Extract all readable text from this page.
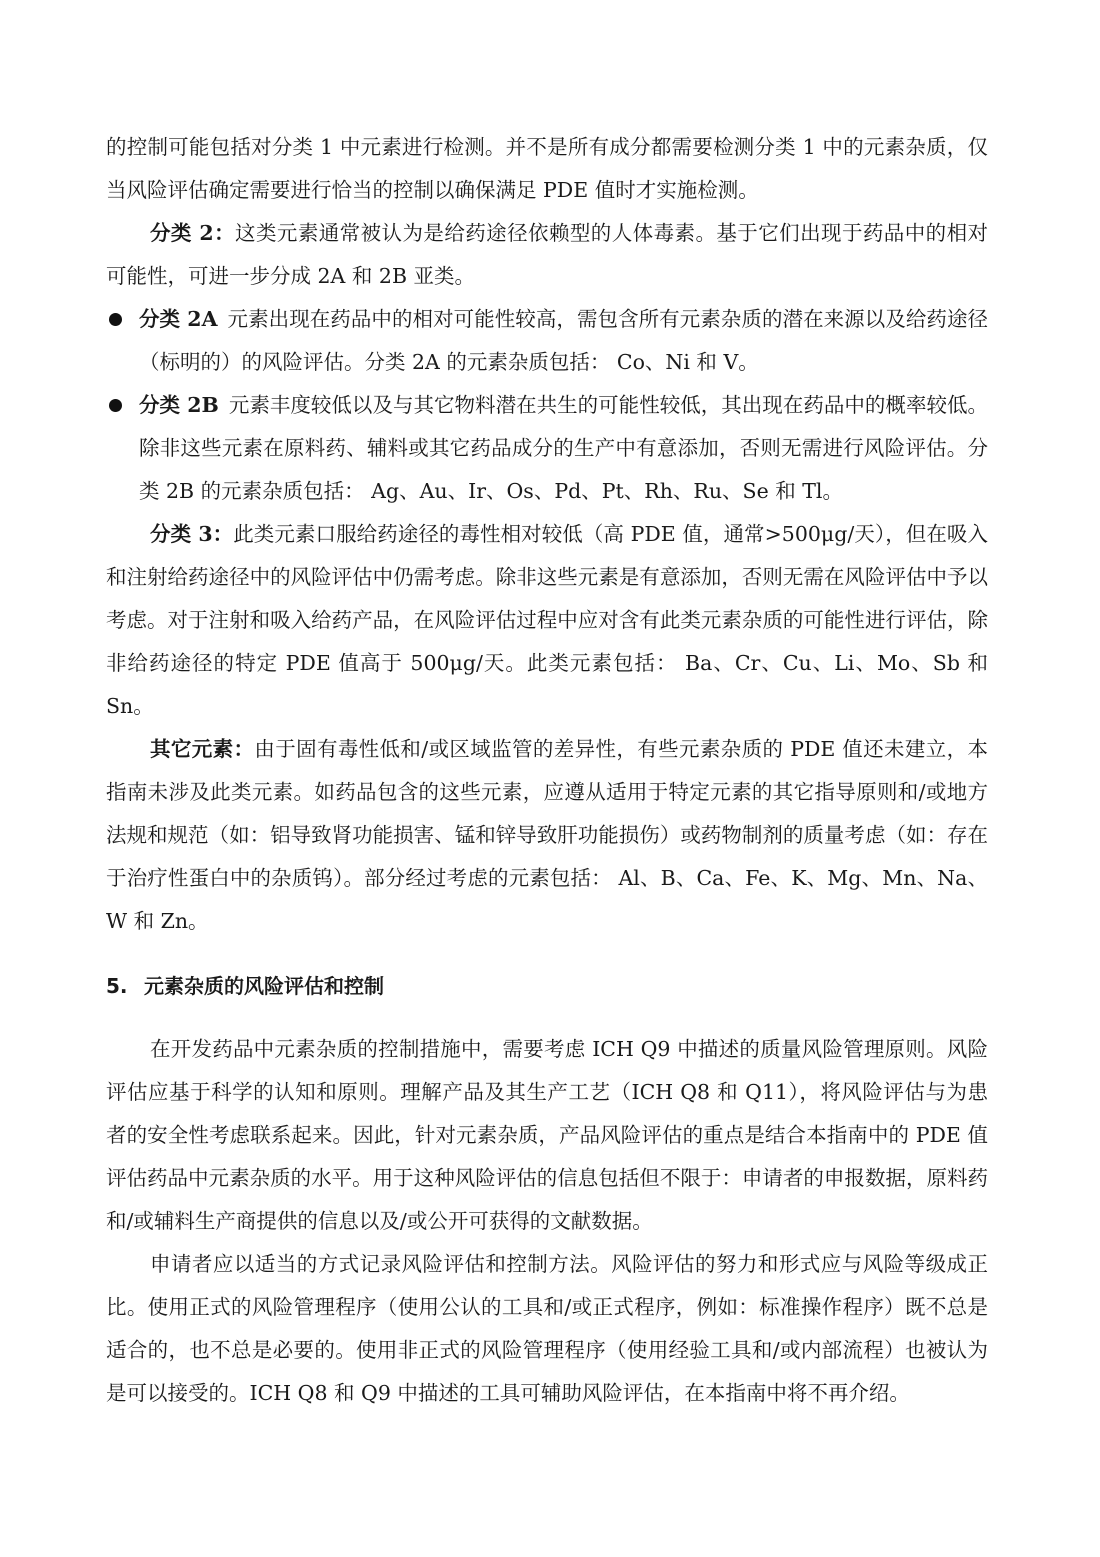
的控制可能包括对分类 1 中元素进行检测。并不是所有成分都需要检测分类 1 中的元素杂质，仅当风险评估确定需要进行恰当的控制以确保满足 PDE 值时才实施检测。

分类 2：这类元素通常被认为是给药途径依赖型的人体毒素。基于它们出现于药品中的相对可能性，可进一步分成 2A 和 2B 亚类。

分类 2A 元素出现在药品中的相对可能性较高，需包含所有元素杂质的潜在来源以及给药途径（标明的）的风险评估。分类 2A 的元素杂质包括： Co、Ni 和 V。
分类 2B 元素丰度较低以及与其它物料潜在共生的可能性较低，其出现在药品中的概率较低。除非这些元素在原料药、辅料或其它药品成分的生产中有意添加，否则无需进行风险评估。分类 2B 的元素杂质包括： Ag、Au、Ir、Os、Pd、Pt、Rh、Ru、Se 和 Tl。

分类 3：此类元素口服给药途径的毒性相对较低（高 PDE 值，通常>500μg/天），但在吸入和注射给药途径中的风险评估中仍需考虑。除非这些元素是有意添加，否则无需在风险评估中予以考虑。对于注射和吸入给药产品，在风险评估过程中应对含有此类元素杂质的可能性进行评估，除非给药途径的特定 PDE 值高于 500μg/天。此类元素包括： Ba、Cr、Cu、Li、Mo、Sb 和 Sn。

其它元素：由于固有毒性低和/或区域监管的差异性，有些元素杂质的 PDE 值还未建立，本指南未涉及此类元素。如药品包含的这些元素，应遵从适用于特定元素的其它指导原则和/或地方法规和规范（如：铝导致肾功能损害、锰和锌导致肝功能损伤）或药物制剂的质量考虑（如：存在于治疗性蛋白中的杂质钨）。部分经过考虑的元素包括： Al、B、Ca、Fe、K、Mg、Mn、Na、W 和 Zn。

5. 元素杂质的风险评估和控制

在开发药品中元素杂质的控制措施中，需要考虑 ICH Q9 中描述的质量风险管理原则。风险评估应基于科学的认知和原则。理解产品及其生产工艺（ICH Q8 和 Q11），将风险评估与为患者的安全性考虑联系起来。因此，针对元素杂质，产品风险评估的重点是结合本指南中的 PDE 值评估药品中元素杂质的水平。用于这种风险评估的信息包括但不限于：申请者的申报数据，原料药和/或辅料生产商提供的信息以及/或公开可获得的文献数据。

申请者应以适当的方式记录风险评估和控制方法。风险评估的努力和形式应与风险等级成正比。使用正式的风险管理程序（使用公认的工具和/或正式程序，例如：标准操作程序）既不总是适合的，也不总是必要的。使用非正式的风险管理程序（使用经验工具和/或内部流程）也被认为是可以接受的。ICH Q8 和 Q9 中描述的工具可辅助风险评估，在本指南中将不再介绍。
